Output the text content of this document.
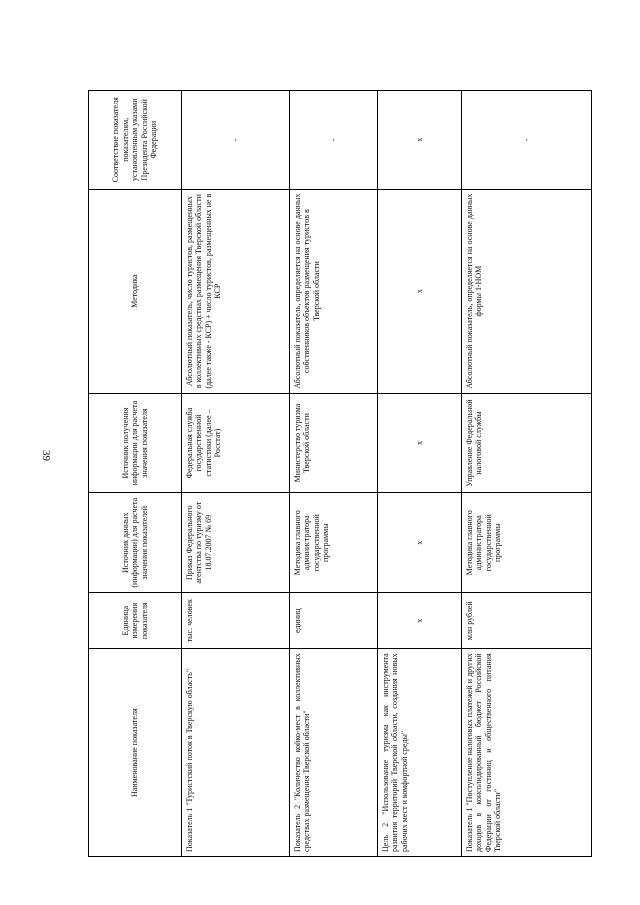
39
Наименование показателя	Единица измерения показателя	Источник данных (информации) для расчета значения показателей	Источник получения информации для расчета значения показателя	Методика	Соответствие показателя показателям, установленным указами Президента Российской Федерации
Показатель 1 "Туристский поток в Тверскую область"	тыс. человек	Приказ Федерального агентства по туризму от 18.07.2007 № 69	Федеральная служба государственной статистики (далее – Росстат)	Абсолютный показатель, число туристов, размещенных в коллективных средствах размещения Тверской области (далее также - КСР) + число туристов, размещенных не в КСР	-
Показатель 2 "Количество койко-мест в коллективных средствах размещения Тверской области"	единиц	Методика главного администратора государственной программы	Министерство туризма Тверской области	Абсолютный показатель, определяется на основе данных собственников объектов размещения туристов в Тверской области	-
Цель 2 "Использование туризма как инструмента развития территорий Тверской области, создания новых рабочих мест и комфортной среды"	х	х	х	х	х
Показатель 1 "Поступление налоговых платежей и других доходов в консолидированный бюджет Российской Федерации от гостиниц и общественного питания Тверской области"	млн рублей	Методика главного администратора государственной программы	Управление Федеральной налоговой службы	Абсолютный показатель, определяется на основе данных формы 1-НОМ	-
